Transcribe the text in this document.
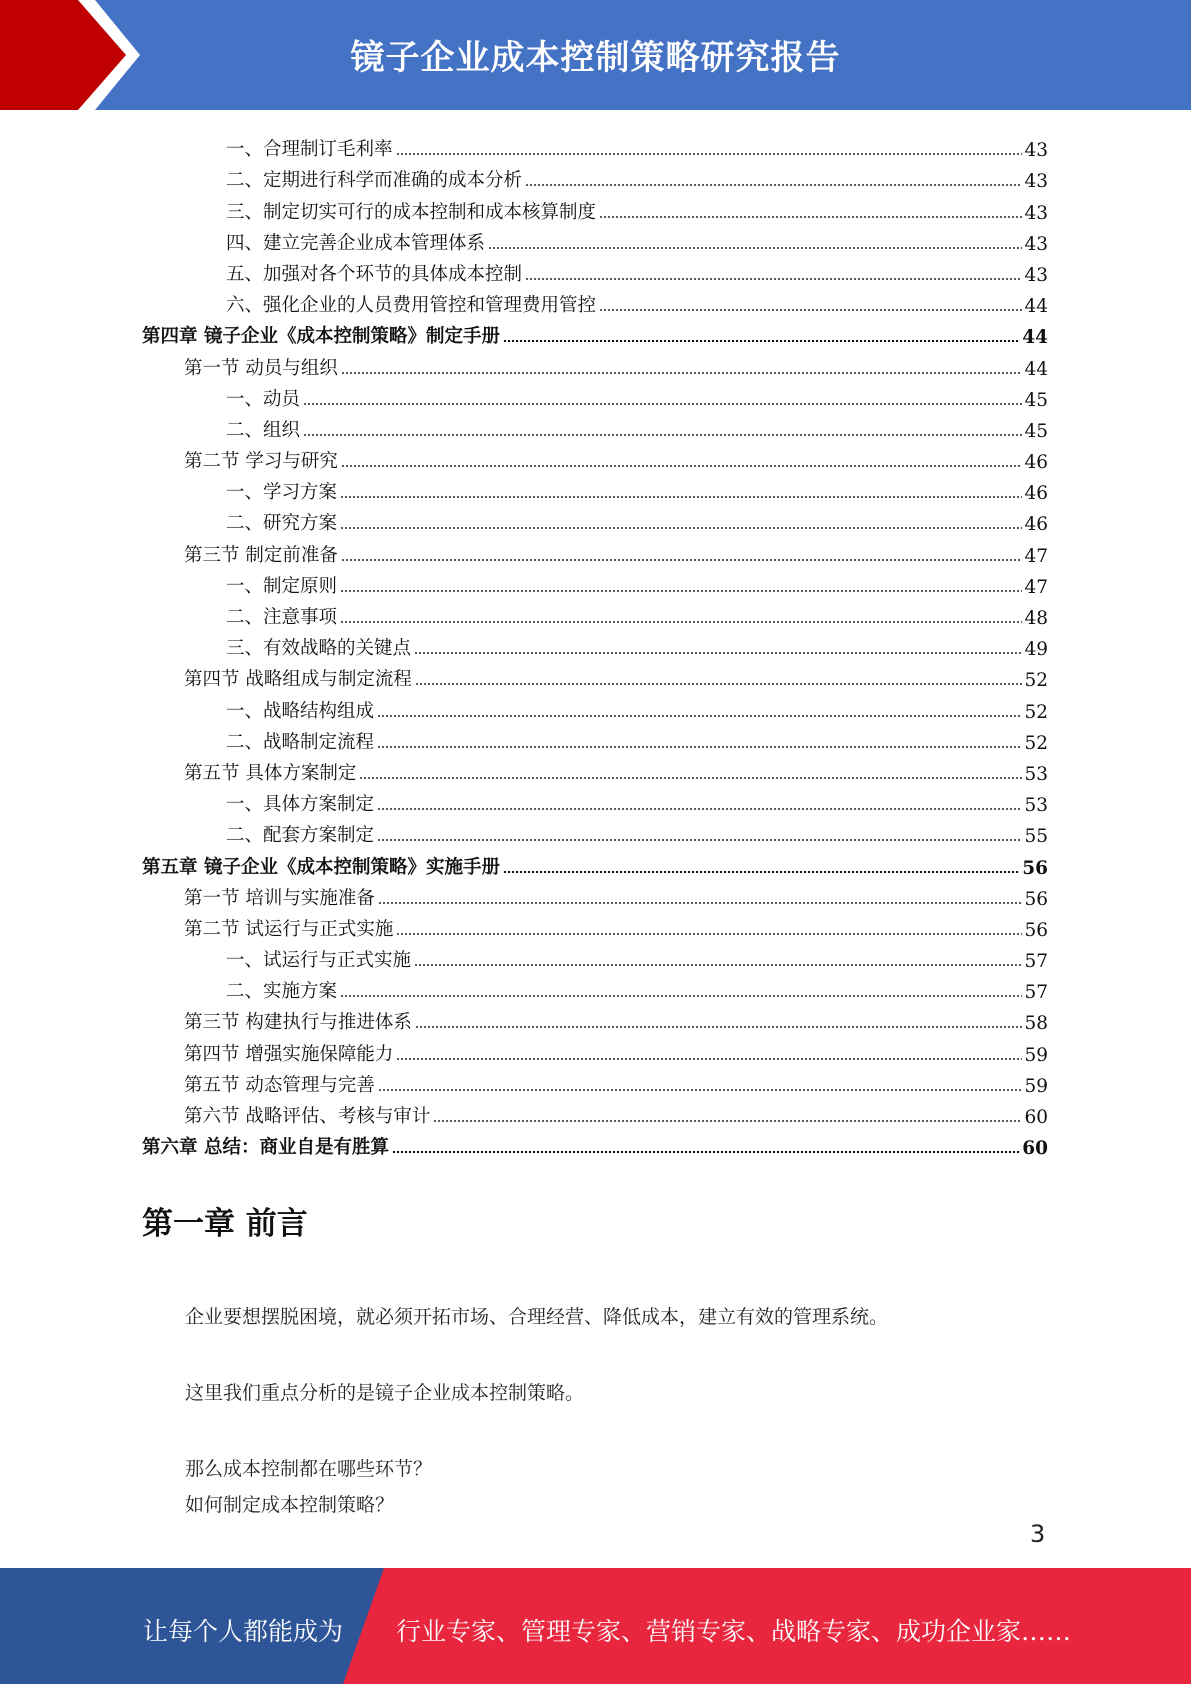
镜子企业成本控制策略研究报告
一、合理制订毛利率	43
二、定期进行科学而准确的成本分析	43
三、制定切实可行的成本控制和成本核算制度	43
四、建立完善企业成本管理体系	43
五、加强对各个环节的具体成本控制	43
六、强化企业的人员费用管控和管理费用管控	44
第四章 镜子企业《成本控制策略》制定手册	44
第一节 动员与组织	44
一、动员	45
二、组织	45
第二节 学习与研究	46
一、学习方案	46
二、研究方案	46
第三节 制定前准备	47
一、制定原则	47
二、注意事项	48
三、有效战略的关键点	49
第四节 战略组成与制定流程	52
一、战略结构组成	52
二、战略制定流程	52
第五节 具体方案制定	53
一、具体方案制定	53
二、配套方案制定	55
第五章 镜子企业《成本控制策略》实施手册	56
第一节 培训与实施准备	56
第二节 试运行与正式实施	56
一、试运行与正式实施	57
二、实施方案	57
第三节 构建执行与推进体系	58
第四节 增强实施保障能力	59
第五节 动态管理与完善	59
第六节 战略评估、考核与审计	60
第六章 总结：商业自是有胜算	60
第一章 前言
企业要想摆脱困境，就必须开拓市场、合理经营、降低成本，建立有效的管理系统。
这里我们重点分析的是镜子企业成本控制策略。
那么成本控制都在哪些环节？
如何制定成本控制策略？
3
让每个人都能成为 行业专家、管理专家、营销专家、战略专家、成功企业家……
